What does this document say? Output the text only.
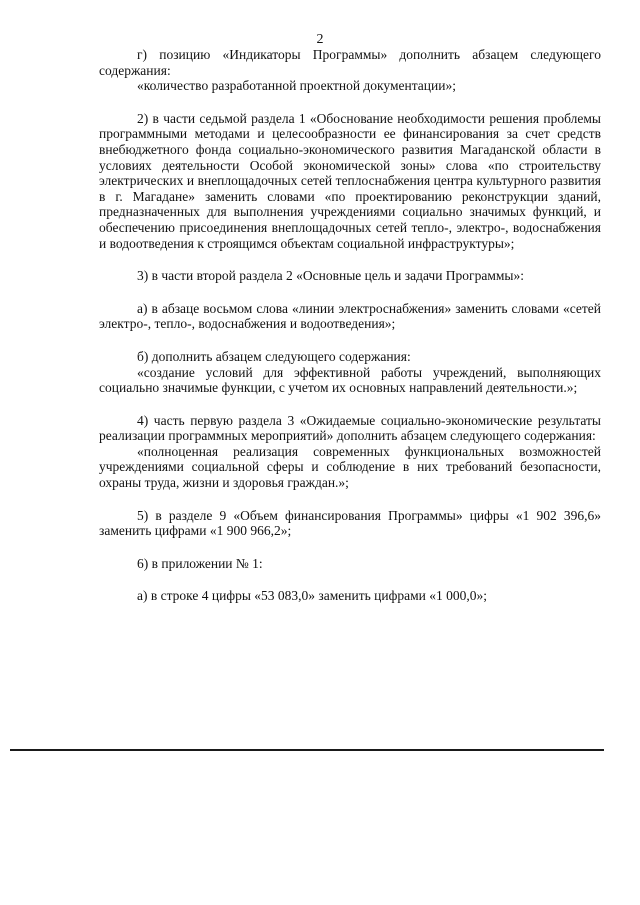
2

г) позицию «Индикаторы Программы» дополнить абзацем следующего содержания:

«количество разработанной проектной документации»;

2) в части седьмой раздела 1 «Обоснование необходимости решения проблемы программными методами и целесообразности ее финансирования за счет средств внебюджетного фонда социально-экономического развития Магаданской области в условиях деятельности Особой экономической зоны» слова «по строительству электрических и внеплощадочных сетей теплоснабжения центра культурного развития в г. Магадане» заменить словами «по проектированию реконструкции зданий, предназначенных для выполнения учреждениями социально значимых функций, и обеспечению присоединения внеплощадочных сетей тепло-, электро-, водоснабжения и водоотведения к строящимся объектам социальной инфраструктуры»;

3) в части второй раздела 2 «Основные цель и задачи Программы»:

а) в абзаце восьмом слова «линии электроснабжения» заменить словами «сетей электро-, тепло-, водоснабжения и водоотведения»;

б) дополнить абзацем следующего содержания:

«создание условий для эффективной работы учреждений, выполняющих социально значимые функции, с учетом их основных направлений деятельности.»;

4) часть первую раздела 3 «Ожидаемые социально-экономические результаты реализации программных мероприятий» дополнить абзацем следующего содержания:

«полноценная реализация современных функциональных возможностей учреждениями социальной сферы и соблюдение в них требований безопасности, охраны труда, жизни и здоровья граждан.»;

5) в разделе 9 «Объем финансирования Программы» цифры «1 902 396,6» заменить цифрами «1 900 966,2»;

6) в приложении № 1:

а) в строке 4 цифры «53 083,0» заменить цифрами «1 000,0»;
